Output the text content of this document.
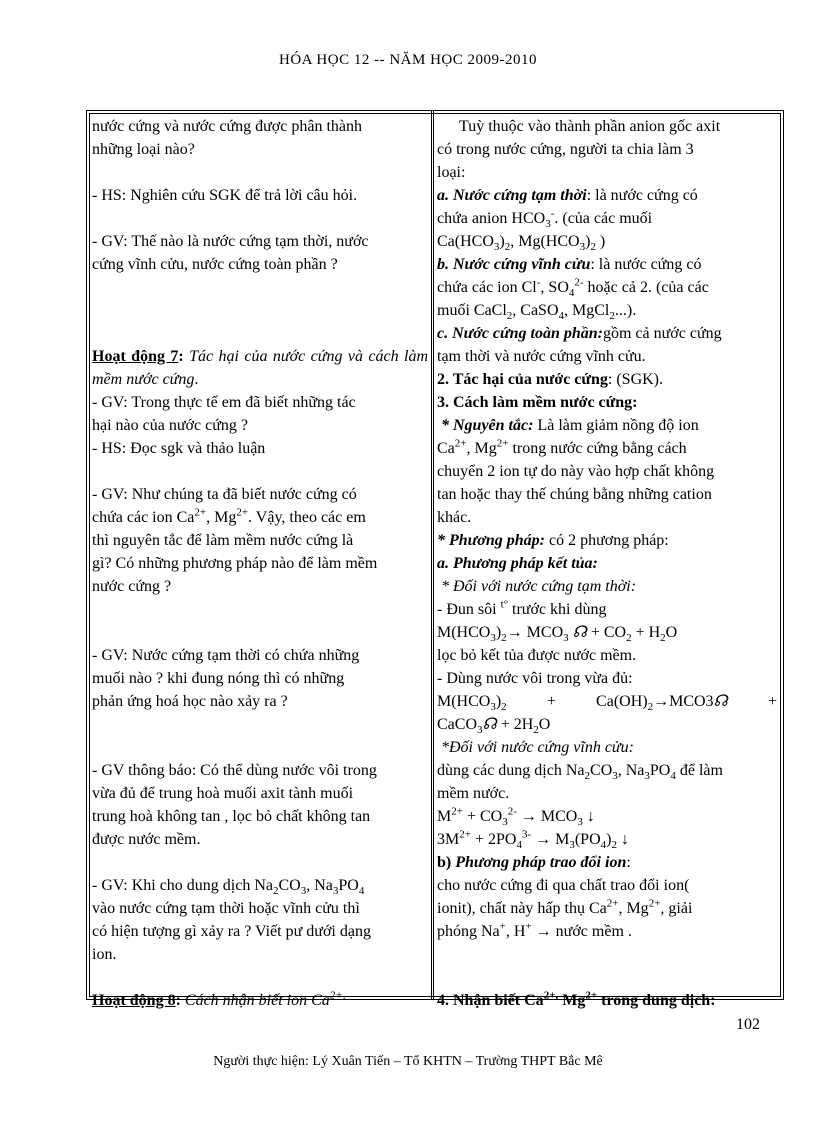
HÓA HỌC 12 -- NĂM HỌC 2009-2010

nước cứng và nước cứng được phân thành

những loại nào?

- HS: Nghiên cứu SGK để trả lời câu hỏi.

- GV: Thế nào là nước cứng tạm thời, nước

cứng vĩnh cửu, nước cứng toàn phần ?

Hoạt động 7: Tác hại của nước cứng và cách làm mềm nước cứng.

- GV: Trong thực tế em đã biết những tác

hại nào của nước cứng ?

- HS: Đọc sgk và thảo luận

- GV: Như chúng ta đã biết nước cứng có

chứa các ion $Ca^{2+}$, $Mg^{2+}$. Vậy, theo các em

thì nguyên tắc để làm mềm nước cứng là

gì? Có những phương pháp nào để làm mềm

nước cứng ?

- GV: Nước cứng tạm thời có chứa những

muối nào ? khi đung nóng thì có những

phản ứng hoá học nào xảy ra ?

- GV thông báo: Có thể dùng nước vôi trong

vừa đủ để trung hoà muối axit tành muối

trung hoà không tan , lọc bỏ chất không tan

được nước mềm.

- GV: Khi cho dung dịch $Na_2CO_3$, $Na_3PO_4$

vào nước cứng tạm thời hoặc vĩnh cửu thì

có hiện tượng gì xảy ra ? Viết pư dưới dạng

ion.

Hoạt động 8: Cách nhận biết ion $Ca^{2+,}$

Tuỳ thuộc vào thành phần anion gốc axit

có trong nước cứng, người ta chia làm 3

loại:

a. Nước cứng tạm thời: là nước cứng có

chứa anion $HCO_3^-$. (của các muối

$Ca(HCO_3)_2$, $Mg(HCO_3)_2$ )

b. Nước cứng vĩnh cửu: là nước cứng có

chứa các ion Cl-, $SO_4^{2-}$ hoặc cả 2. (của các

muối CaCl$_2$, CaSO$_4$, MgCl$_2$...).

c. Nước cứng toàn phần:gồm cả nước cứng

tạm thời và nước cứng vĩnh cửu.

2. Tác hại của nước cứng: (SGK).

3. Cách làm mềm nước cứng:

* Nguyên tắc: Là làm giảm nồng độ ion

$Ca^{2+}$, $Mg^{2+}$ trong nước cứng bằng cách

chuyển 2 ion tự do này vào hợp chất không

tan hoặc thay thế chúng bằng những cation

khác.

* Phương pháp: có 2 phương pháp:

a. Phương pháp kết tủa:

* Đối với nước cứng tạm thời:

- Đun sôi $^{t^\circ}$ trước khi dùng

$M(HCO_3)_2\to MCO_3$ ☊ + $CO_2 + H_2O$

lọc bỏ kết tủa được nước mềm.

- Dùng nước vôi trong vừa đủ:

$M(HCO_3)_2$	+	$Ca(OH)_2\to MCO3☊$	+

CaCO$_3$☊ + $2H_2O$

*Đối với nước cứng vĩnh cửu:

dùng các dung dịch $Na_2CO_3$, $Na_3PO_4$ để làm

mềm nước.

$M^{2+} + CO_3^{2-} \to MCO_3$ ↓

$3M^{2+} + 2PO_4^{3-} \to M_3(PO_4)_2$ ↓

b) Phương pháp trao đổi ion:

cho nước cứng đi qua chất trao đổi ion(

ionit), chất này hấp thụ $Ca^{2+}$, $Mg^{2+}$, giải

phóng Na+, H+ → nước mềm .

4. Nhận biết $Ca^{2+,}$ $Mg^{2+}$ trong dung dịch:

102
Người thực hiện: Lý Xuân Tiến – Tổ KHTN – Trường THPT Bắc Mê
